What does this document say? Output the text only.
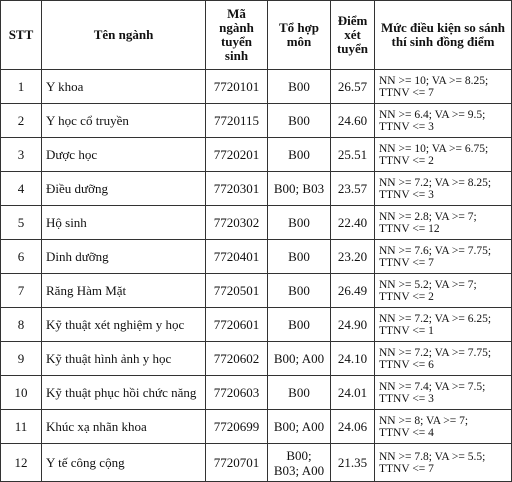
STT	Tên ngành	Mã ngành tuyển sinh	Tổ hợp môn	Điểm xét tuyển	Mức điều kiện so sánh thí sinh đồng điểm
1	Y khoa	7720101	B00	26.57	NN >= 10; VA >= 8.25;
TTNV <= 7
2	Y học cổ truyền	7720115	B00	24.60	NN >= 6.4; VA >= 9.5;
TTNV <= 3
3	Dược học	7720201	B00	25.51	NN >= 10; VA >= 6.75;
TTNV <= 2
4	Điều dưỡng	7720301	B00; B03	23.57	NN >= 7.2; VA >= 8.25;
TTNV <= 3
5	Hộ sinh	7720302	B00	22.40	NN >= 2.8; VA >= 7;
TTNV <= 12
6	Dinh dưỡng	7720401	B00	23.20	NN >= 7.6; VA >= 7.75;
TTNV <= 7
7	Răng Hàm Mặt	7720501	B00	26.49	NN >= 5.2; VA >= 7;
TTNV <= 2
8	Kỹ thuật xét nghiệm y học	7720601	B00	24.90	NN >= 7.2; VA >= 6.25;
TTNV <= 1
9	Kỹ thuật hình ảnh y học	7720602	B00; A00	24.10	NN >= 7.2; VA >= 7.75;
TTNV <= 6
10	Kỹ thuật phục hồi chức năng	7720603	B00	24.01	NN >= 7.4; VA >= 7.5;
TTNV <= 3
11	Khúc xạ nhãn khoa	7720699	B00; A00	24.06	NN >= 8; VA >= 7;
TTNV <= 4
12	Y tế công cộng	7720701	B00;
B03; A00	21.35	NN >= 7.8; VA >= 5.5;
TTNV <= 7
